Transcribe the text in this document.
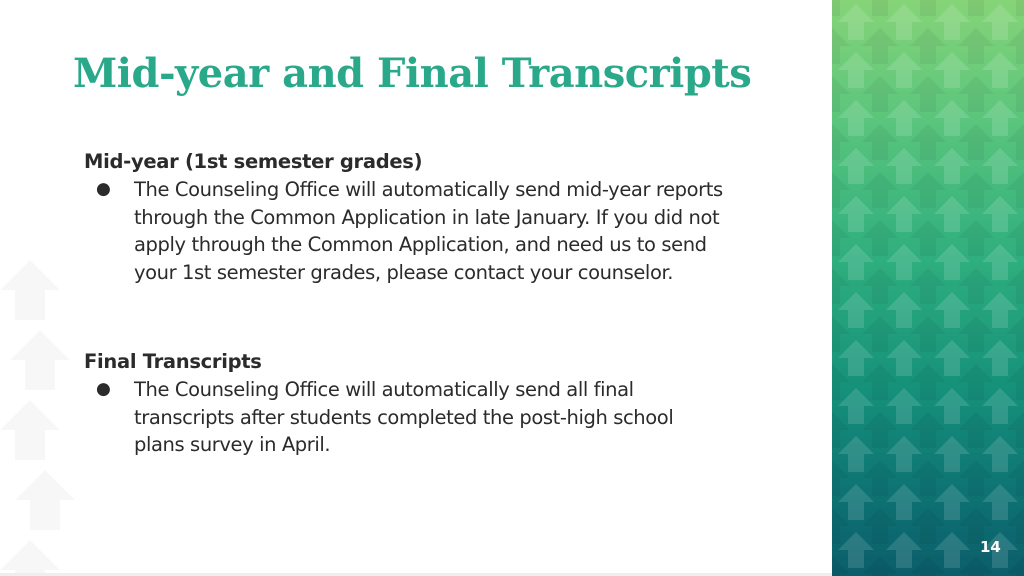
Mid-year and Final Transcripts

Mid-year (1st semester grades)

● The Counseling Office will automatically send mid-year reports through the Common Application in late January. If you did not apply through the Common Application, and need us to send your 1st semester grades, please contact your counselor.

Final Transcripts

● The Counseling Office will automatically send all final transcripts after students completed the post-high school plans survey in April.
14
